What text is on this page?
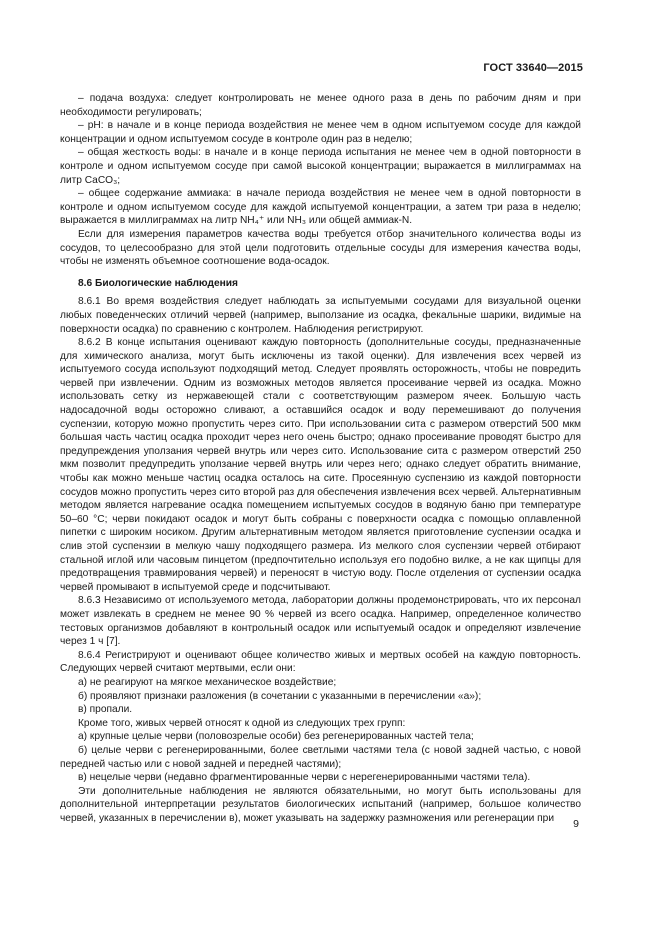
ГОСТ 33640—2015

– подача воздуха: следует контролировать не менее одного раза в день по рабочим дням и при необходимости регулировать;

– pH: в начале и в конце периода воздействия не менее чем в одном испытуемом сосуде для каждой концентрации и одном испытуемом сосуде в контроле один раз в неделю;

– общая жесткость воды: в начале и в конце периода испытания не менее чем в одной повторности в контроле и одном испытуемом сосуде при самой высокой концентрации; выражается в миллиграммах на литр CaCO₃;

– общее содержание аммиака: в начале периода воздействия не менее чем в одной повторности в контроле и одном испытуемом сосуде для каждой испытуемой концентрации, а затем три раза в неделю; выражается в миллиграммах на литр NH₄⁺ или NH₃ или общей аммиак-N.

Если для измерения параметров качества воды требуется отбор значительного количества воды из сосудов, то целесообразно для этой цели подготовить отдельные сосуды для измерения качества воды, чтобы не изменять объемное соотношение вода-осадок.

8.6 Биологические наблюдения

8.6.1 Во время воздействия следует наблюдать за испытуемыми сосудами для визуальной оценки любых поведенческих отличий червей (например, выползание из осадка, фекальные шарики, видимые на поверхности осадка) по сравнению с контролем. Наблюдения регистрируют.

8.6.2 В конце испытания оценивают каждую повторность (дополнительные сосуды, предназначенные для химического анализа, могут быть исключены из такой оценки). Для извлечения всех червей из испытуемого сосуда используют подходящий метод. Следует проявлять осторожность, чтобы не повредить червей при извлечении. Одним из возможных методов является просеивание червей из осадка. Можно использовать сетку из нержавеющей стали с соответствующим размером ячеек. Большую часть надосадочной воды осторожно сливают, а оставшийся осадок и воду перемешивают до получения суспензии, которую можно пропустить через сито. При использовании сита с размером отверстий 500 мкм большая часть частиц осадка проходит через него очень быстро; однако просеивание проводят быстро для предупреждения уползания червей внутрь или через сито. Использование сита с размером отверстий 250 мкм позволит предупредить уползание червей внутрь или через него; однако следует обратить внимание, чтобы как можно меньше частиц осадка осталось на сите. Просеянную суспензию из каждой повторности сосудов можно пропустить через сито второй раз для обеспечения извлечения всех червей. Альтернативным методом является нагревание осадка помещением испытуемых сосудов в водяную баню при температуре 50–60 °С; черви покидают осадок и могут быть собраны с поверхности осадка с помощью оплавленной пипетки с широким носиком. Другим альтернативным методом является приготовление суспензии осадка и слив этой суспензии в мелкую чашу подходящего размера. Из мелкого слоя суспензии червей отбирают стальной иглой или часовым пинцетом (предпочтительно используя его подобно вилке, а не как щипцы для предотвращения травмирования червей) и переносят в чистую воду. После отделения от суспензии осадка червей промывают в испытуемой среде и подсчитывают.

8.6.3 Независимо от используемого метода, лаборатории должны продемонстрировать, что их персонал может извлекать в среднем не менее 90 % червей из всего осадка. Например, определенное количество тестовых организмов добавляют в контрольный осадок или испытуемый осадок и определяют извлечение через 1 ч [7].

8.6.4 Регистрируют и оценивают общее количество живых и мертвых особей на каждую повторность. Следующих червей считают мертвыми, если они:

а) не реагируют на мягкое механическое воздействие;

б) проявляют признаки разложения (в сочетании с указанными в перечислении «а»);

в) пропали.

Кроме того, живых червей относят к одной из следующих трех групп:

а) крупные целые черви (половозрелые особи) без регенерированных частей тела;

б) целые черви с регенерированными, более светлыми частями тела (с новой задней частью, с новой передней частью или с новой задней и передней частями);

в) нецелые черви (недавно фрагментированные черви с нерегенерированными частями тела).

Эти дополнительные наблюдения не являются обязательными, но могут быть использованы для дополнительной интерпретации результатов биологических испытаний (например, большое количество червей, указанных в перечислении в), может указывать на задержку размножения или регенерации при	9
